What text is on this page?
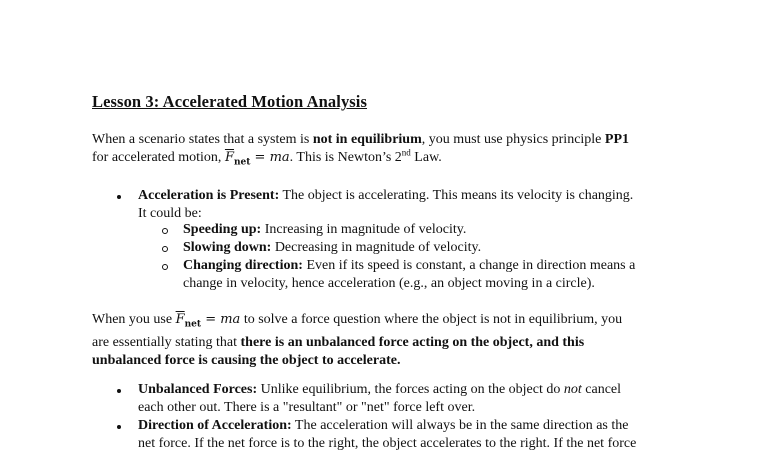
Lesson 3: Accelerated Motion Analysis
When a scenario states that a system is not in equilibrium, you must use physics principle PP1
for accelerated motion, $\overline{F}_{net}$ = ma. This is Newton’s 2nd Law.
Acceleration is Present: The object is accelerating. This means its velocity is changing.
It could be:
Speeding up: Increasing in magnitude of velocity.
Slowing down: Decreasing in magnitude of velocity.
Changing direction: Even if its speed is constant, a change in direction means a
change in velocity, hence acceleration (e.g., an object moving in a circle).
When you use $\overline{F}_{net}$ = ma to solve a force question where the object is not in equilibrium, you
are essentially stating that there is an unbalanced force acting on the object, and this
unbalanced force is causing the object to accelerate.
Unbalanced Forces: Unlike equilibrium, the forces acting on the object do not cancel
each other out. There is a "resultant" or "net" force left over.
Direction of Acceleration: The acceleration will always be in the same direction as the
net force. If the net force is to the right, the object accelerates to the right. If the net force
